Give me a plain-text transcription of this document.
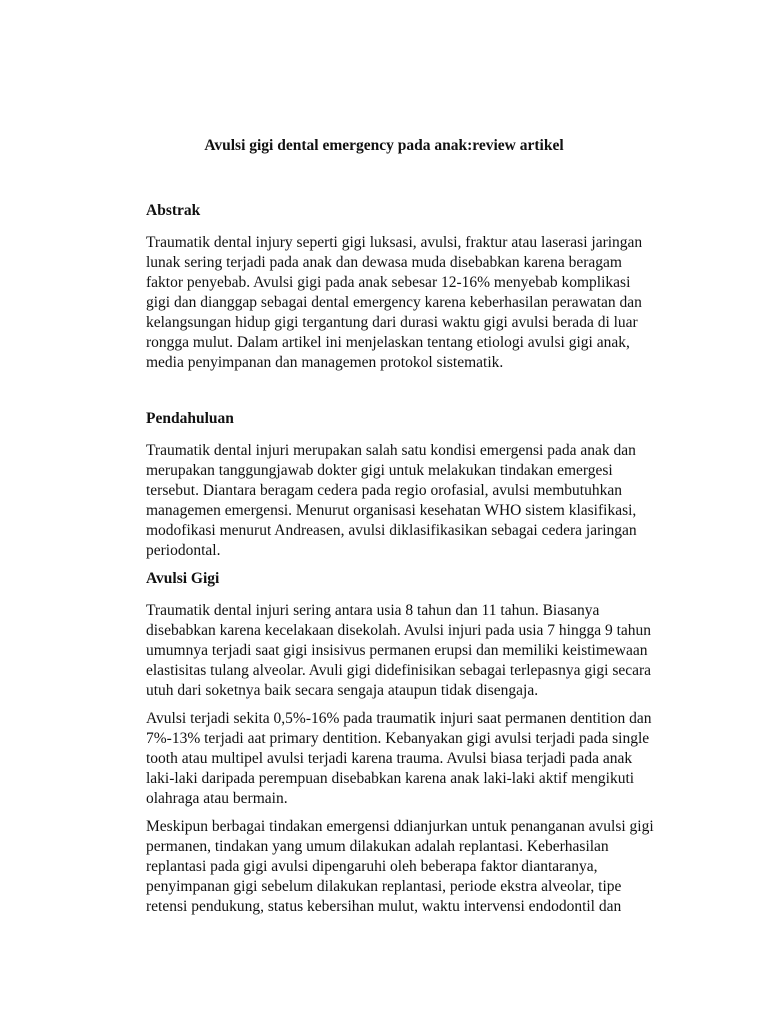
Avulsi gigi dental emergency pada anak:review artikel
Abstrak
Traumatik dental injury seperti gigi luksasi, avulsi, fraktur atau laserasi jaringan
lunak sering terjadi pada anak dan dewasa muda disebabkan karena beragam
faktor penyebab. Avulsi gigi pada anak sebesar 12-16% menyebab komplikasi
gigi dan dianggap sebagai dental emergency karena keberhasilan perawatan dan
kelangsungan hidup gigi tergantung dari durasi waktu gigi avulsi berada di luar
rongga mulut. Dalam artikel ini menjelaskan tentang etiologi avulsi gigi anak,
media penyimpanan dan managemen protokol sistematik.
Pendahuluan
Traumatik dental injuri merupakan salah satu kondisi emergensi pada anak dan
merupakan tanggungjawab dokter gigi untuk melakukan tindakan emergesi
tersebut. Diantara beragam cedera pada regio orofasial, avulsi membutuhkan
managemen emergensi. Menurut organisasi kesehatan WHO sistem klasifikasi,
modofikasi menurut Andreasen, avulsi diklasifikasikan sebagai cedera jaringan
periodontal.
Avulsi Gigi
Traumatik dental injuri sering antara usia 8 tahun dan 11 tahun. Biasanya
disebabkan karena kecelakaan disekolah. Avulsi injuri pada usia 7 hingga 9 tahun
umumnya terjadi saat gigi insisivus permanen erupsi dan memiliki keistimewaan
elastisitas tulang alveolar. Avuli gigi didefinisikan sebagai terlepasnya gigi secara
utuh dari soketnya baik secara sengaja ataupun tidak disengaja.
Avulsi terjadi sekita 0,5%-16% pada traumatik injuri saat permanen dentition dan
7%-13% terjadi aat primary dentition. Kebanyakan gigi avulsi terjadi pada single
tooth atau multipel avulsi terjadi karena trauma. Avulsi biasa terjadi pada anak
laki-laki daripada perempuan disebabkan karena anak laki-laki aktif mengikuti
olahraga atau bermain.
Meskipun berbagai tindakan emergensi ddianjurkan untuk penanganan avulsi gigi
permanen, tindakan yang umum dilakukan adalah replantasi. Keberhasilan
replantasi pada gigi avulsi dipengaruhi oleh beberapa faktor diantaranya,
penyimpanan gigi sebelum dilakukan replantasi, periode ekstra alveolar, tipe
retensi pendukung, status kebersihan mulut, waktu intervensi endodontil dan
